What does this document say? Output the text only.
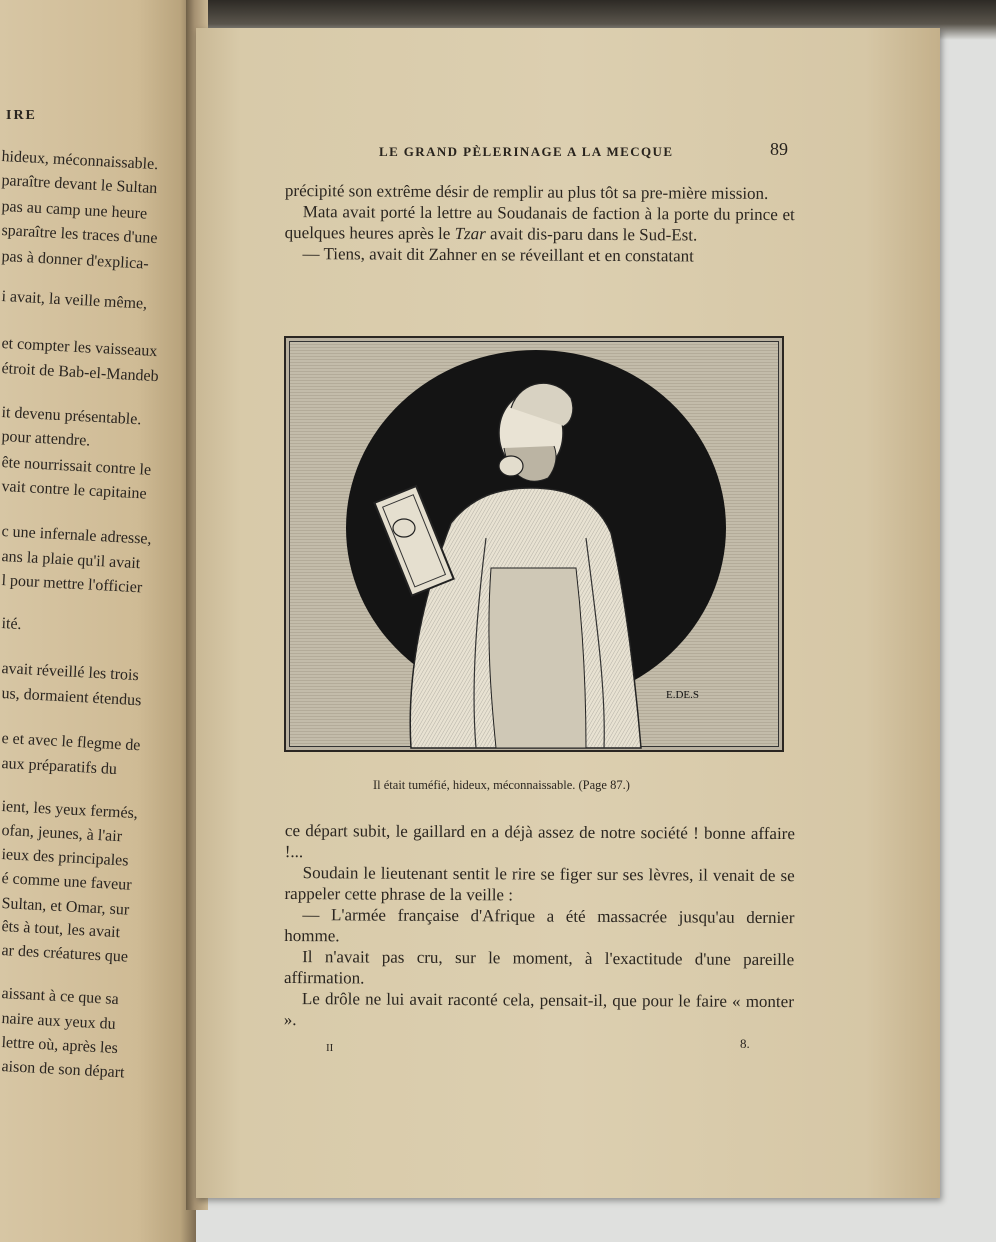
IRE
hideux, méconnaissable.
paraître devant le Sultan
pas au camp une heure
sparaître les traces d'une
pas à donner d'explica-
i avait, la veille même,
et compter les vaisseaux
étroit de Bab-el-Mandeb
it devenu présentable.
pour attendre.
ête nourrissait contre le
vait contre le capitaine
c une infernale adresse,
ans la plaie qu'il avait
l pour mettre l'officier
ité.
avait réveillé les trois
us, dormaient étendus
e et avec le flegme de
aux préparatifs du
ient, les yeux fermés,
ofan, jeunes, à l'air
ieux des principales
é comme une faveur
Sultan, et Omar, sur
êts à tout, les avait
ar des créatures que
aissant à ce que sa
naire aux yeux du
lettre où, après les
aison de son départ
LE GRAND PÈLERINAGE A LA MECQUE	89

précipité son extrême désir de remplir au plus tôt sa pre-mière mission.

Mata avait porté la lettre au Soudanais de faction à la porte du prince et quelques heures après le Tzar avait dis-paru dans le Sud-Est.

— Tiens, avait dit Zahner en se réveillant et en constatant

E.DE.S
Il était tuméfié, hideux, méconnaissable. (Page 87.)

ce départ subit, le gaillard en a déjà assez de notre société ! bonne affaire !...

Soudain le lieutenant sentit le rire se figer sur ses lèvres, il venait de se rappeler cette phrase de la veille :

— L'armée française d'Afrique a été massacrée jusqu'au dernier homme.

Il n'avait pas cru, sur le moment, à l'exactitude d'une pareille affirmation.

Le drôle ne lui avait raconté cela, pensait-il, que pour le faire « monter ».

II	8.
